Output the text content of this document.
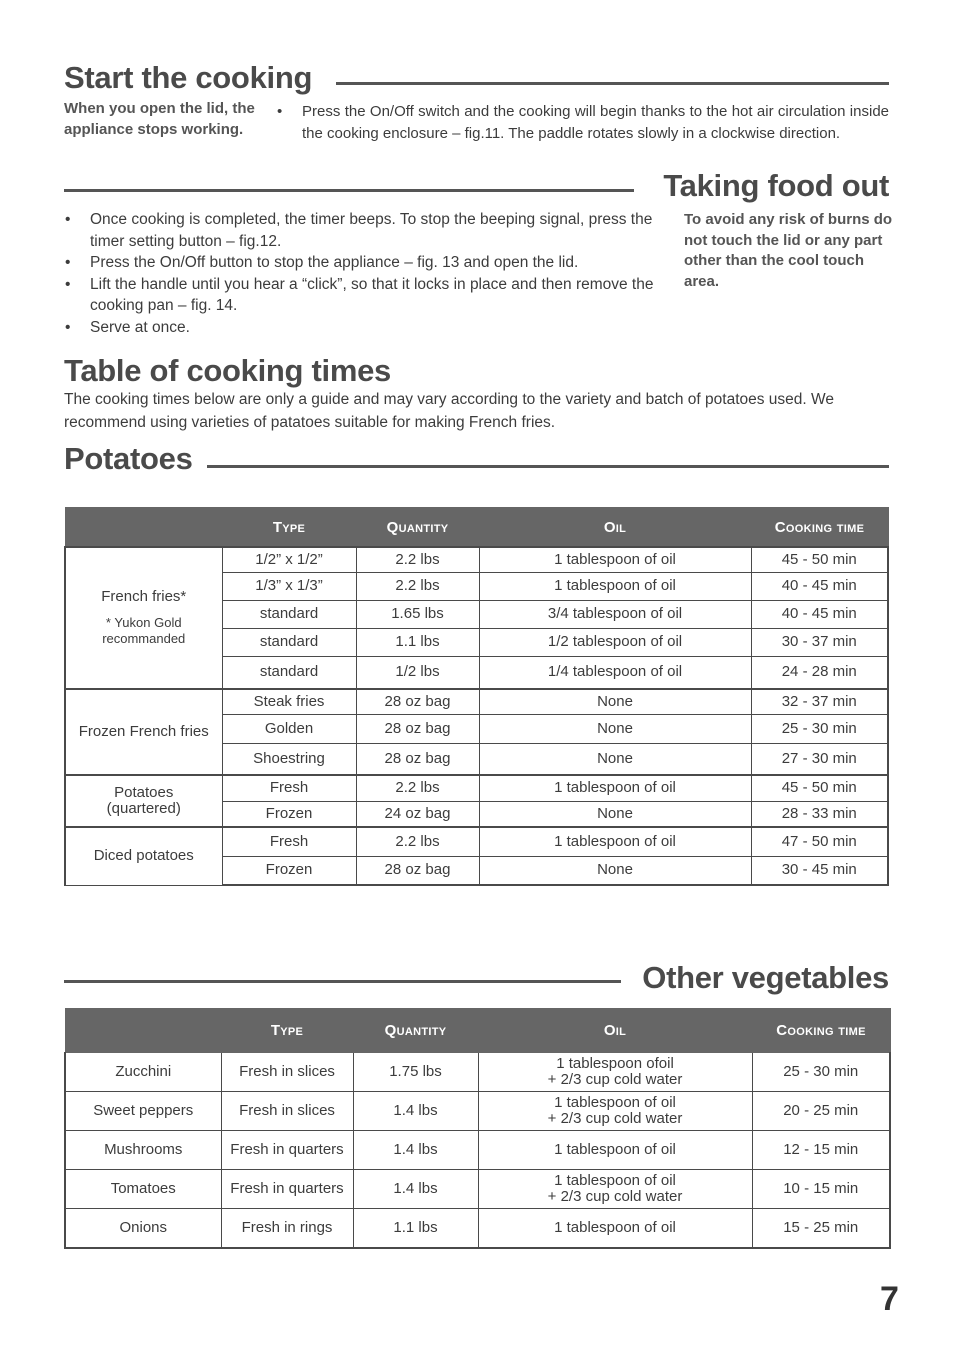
Start the cooking
When you open the lid, the appliance stops working.
• Press the On/Off switch and the cooking will begin thanks to the hot air circulation inside the cooking enclosure – fig.11. The paddle rotates slowly in a clockwise direction.
Taking food out
• Once cooking is completed, the timer beeps. To stop the beeping signal, press the timer setting button – fig.12.
• Press the On/Off button to stop the appliance – fig. 13 and open the lid.
• Lift the handle until you hear a “click”, so that it locks in place and then remove the cooking pan – fig. 14.
• Serve at once.
To avoid any risk of burns do not touch the lid or any part other than the cool touch area.
Table of cooking times
The cooking times below are only a guide and may vary according to the variety and batch of potatoes used. We recommend using varieties of patatoes suitable for making French fries.
Potatoes
	Type	Quantity	Oil	Cooking time
French fries*
* Yukon Gold recommanded	1/2” x 1/2”	2.2 lbs	1 tablespoon of oil	45 - 50 min
	1/3” x 1/3”	2.2 lbs	1 tablespoon of oil	40 - 45 min
	standard	1.65 lbs	3/4 tablespoon of oil	40 - 45 min
	standard	1.1 lbs	1/2 tablespoon of oil	30 - 37 min
	standard	1/2 lbs	1/4 tablespoon of oil	24 - 28 min
Frozen French fries	Steak fries	28 oz bag	None	32 - 37 min
	Golden	28 oz bag	None	25 - 30 min
	Shoestring	28 oz bag	None	27 - 30 min
Potatoes (quartered)	Fresh	2.2 lbs	1 tablespoon of oil	45 - 50 min
	Frozen	24 oz bag	None	28 - 33 min
Diced potatoes	Fresh	2.2 lbs	1 tablespoon of oil	47 - 50 min
	Frozen	28 oz bag	None	30 - 45 min
Other vegetables
	Type	Quantity	Oil	Cooking time
Zucchini	Fresh in slices	1.75 lbs	1 tablespoon ofoil
+ 2/3 cup cold water	25 - 30 min
Sweet peppers	Fresh in slices	1.4 lbs	1 tablespoon of oil
+ 2/3 cup cold water	20 - 25 min
Mushrooms	Fresh in quarters	1.4 lbs	1 tablespoon of oil	12 - 15 min
Tomatoes	Fresh in quarters	1.4 lbs	1 tablespoon of oil
+ 2/3 cup cold water	10 - 15 min
Onions	Fresh in rings	1.1 lbs	1 tablespoon of oil	15 - 25 min
7
